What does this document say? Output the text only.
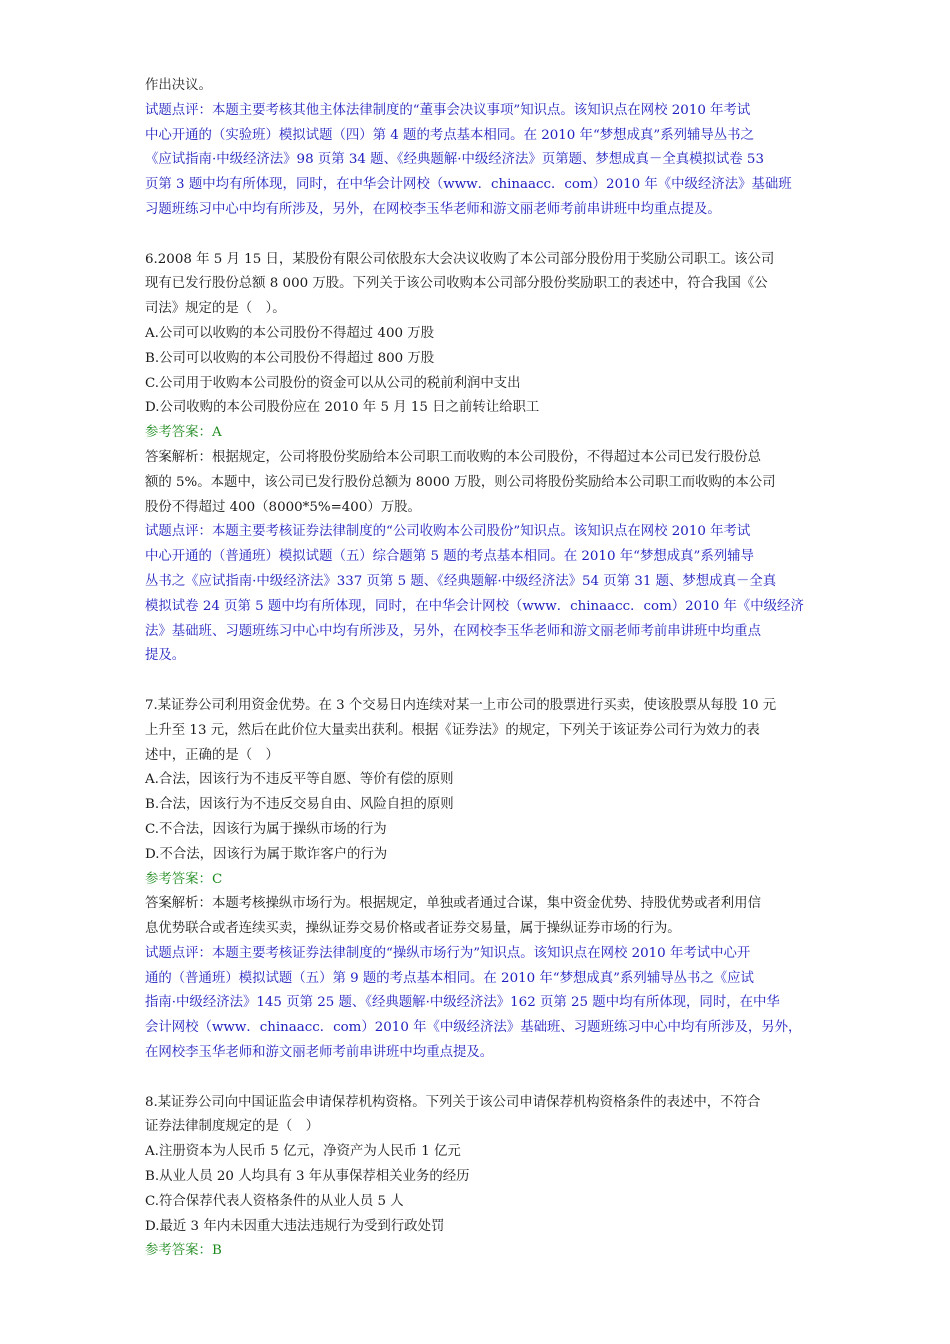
作出决议。
试题点评：本题主要考核其他主体法律制度的“董事会决议事项”知识点。该知识点在网校 2010 年考试
中心开通的（实验班）模拟试题（四）第 4 题的考点基本相同。在 2010 年“梦想成真”系列辅导丛书之
《应试指南·中级经济法》98 页第 34 题、《经典题解·中级经济法》页第题、梦想成真－全真模拟试卷 53
页第 3 题中均有所体现，同时，在中华会计网校（www．chinaacc．com）2010 年《中级经济法》基础班
习题班练习中心中均有所涉及，另外，在网校李玉华老师和游文丽老师考前串讲班中均重点提及。
6.2008 年 5 月 15 日，某股份有限公司依股东大会决议收购了本公司部分股份用于奖励公司职工。该公司
现有已发行股份总额 8 000 万股。下列关于该公司收购本公司部分股份奖励职工的表述中，符合我国《公
司法》规定的是（　）。
A.公司可以收购的本公司股份不得超过 400 万股
B.公司可以收购的本公司股份不得超过 800 万股
C.公司用于收购本公司股份的资金可以从公司的税前利润中支出
D.公司收购的本公司股份应在 2010 年 5 月 15 日之前转让给职工
参考答案：A
答案解析：根据规定，公司将股份奖励给本公司职工而收购的本公司股份，不得超过本公司已发行股份总
额的 5%。本题中，该公司已发行股份总额为 8000 万股，则公司将股份奖励给本公司职工而收购的本公司
股份不得超过 400（8000*5%=400）万股。
试题点评：本题主要考核证券法律制度的“公司收购本公司股份”知识点。该知识点在网校 2010 年考试
中心开通的（普通班）模拟试题（五）综合题第 5 题的考点基本相同。在 2010 年“梦想成真”系列辅导
丛书之《应试指南·中级经济法》337 页第 5 题、《经典题解·中级经济法》54 页第 31 题、梦想成真－全真
模拟试卷 24 页第 5 题中均有所体现，同时，在中华会计网校（www．chinaacc．com）2010 年《中级经济
法》基础班、习题班练习中心中均有所涉及，另外，在网校李玉华老师和游文丽老师考前串讲班中均重点
提及。
7.某证券公司利用资金优势。在 3 个交易日内连续对某一上市公司的股票进行买卖，使该股票从每股 10 元
上升至 13 元，然后在此价位大量卖出获利。根据《证券法》的规定，下列关于该证券公司行为效力的表
述中，正确的是（　）
A.合法，因该行为不违反平等自愿、等价有偿的原则
B.合法，因该行为不违反交易自由、风险自担的原则
C.不合法，因该行为属于操纵市场的行为
D.不合法，因该行为属于欺诈客户的行为
参考答案：C
答案解析：本题考核操纵市场行为。根据规定，单独或者通过合谋，集中资金优势、持股优势或者利用信
息优势联合或者连续买卖，操纵证券交易价格或者证券交易量，属于操纵证券市场的行为。
试题点评：本题主要考核证券法律制度的“操纵市场行为”知识点。该知识点在网校 2010 年考试中心开
通的（普通班）模拟试题（五）第 9 题的考点基本相同。在 2010 年“梦想成真”系列辅导丛书之《应试
指南·中级经济法》145 页第 25 题、《经典题解·中级经济法》162 页第 25 题中均有所体现，同时，在中华
会计网校（www．chinaacc．com）2010 年《中级经济法》基础班、习题班练习中心中均有所涉及，另外，
在网校李玉华老师和游文丽老师考前串讲班中均重点提及。
8.某证券公司向中国证监会申请保荐机构资格。下列关于该公司申请保荐机构资格条件的表述中，不符合
证券法律制度规定的是（　）
A.注册资本为人民币 5 亿元，净资产为人民币 1 亿元
B.从业人员 20 人均具有 3 年从事保荐相关业务的经历
C.符合保荐代表人资格条件的从业人员 5 人
D.最近 3 年内未因重大违法违规行为受到行政处罚
参考答案：B
